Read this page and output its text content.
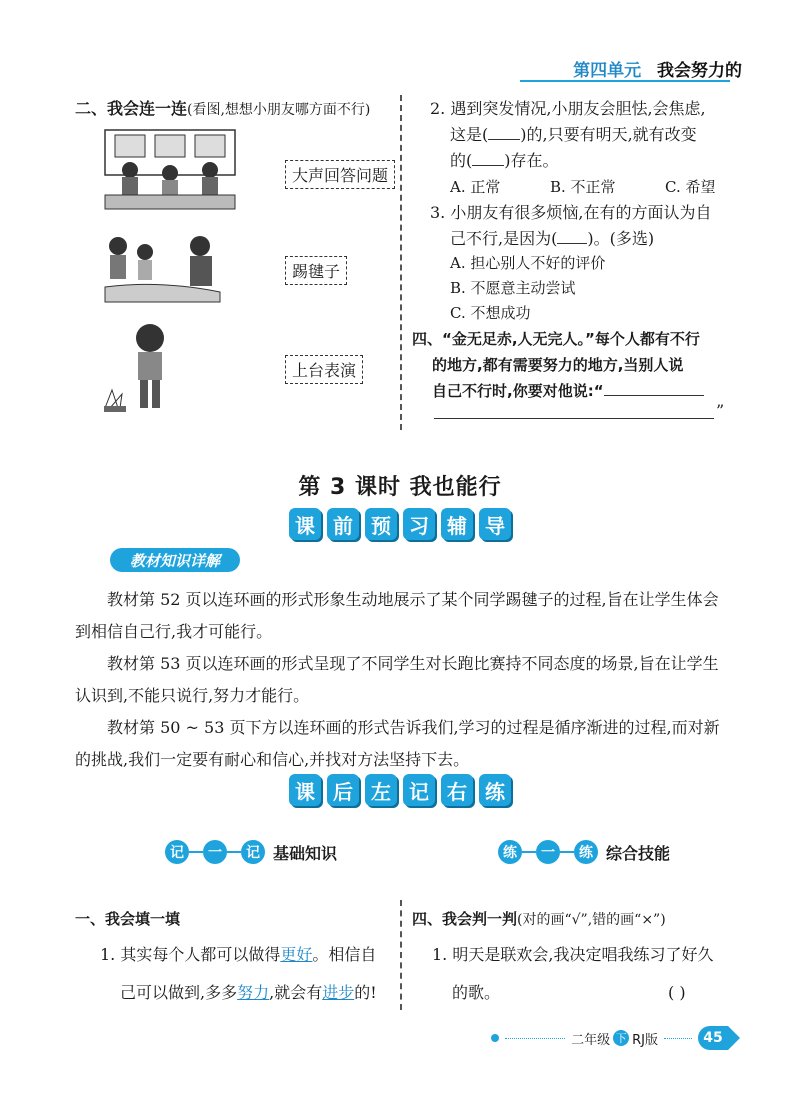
第四单元 我会努力的
二、我会连一连(看图,想想小朋友哪方面不行)
大声回答问题
踢毽子
上台表演
2. 遇到突发情况,小朋友会胆怯,会焦虑,
这是( )的,只要有明天,就有改变
的( )存在。
A. 正常	B. 不正常	C. 希望
3. 小朋友有很多烦恼,在有的方面认为自
己不行,是因为( )。(多选)
A. 担心别人不好的评价
B. 不愿意主动尝试
C. 不想成功
四、“金无足赤,人无完人。”每个人都有不行
的地方,都有需要努力的地方,当别人说
自己不行时,你要对他说:“
”
第 3 课时 我也能行
课 前 预 习 辅 导
教材知识详解
教材第 52 页以连环画的形式形象生动地展示了某个同学踢毽子的过程,旨在让学生体会到相信自己行,我才可能行。
教材第 53 页以连环画的形式呈现了不同学生对长跑比赛持不同态度的场景,旨在让学生认识到,不能只说行,努力才能行。
教材第 50 ~ 53 页下方以连环画的形式告诉我们,学习的过程是循序渐进的过程,而对新的挑战,我们一定要有耐心和信心,并找对方法坚持下去。
课 后 左 记 右 练
记	一	记 基础知识	练	一	练 综合技能
一、我会填一填
1. 其实每个人都可以做得更好。相信自
己可以做到,多多努力,就会有进步的!
四、我会判一判(对的画“√”,错的画“×”)
1. 明天是联欢会,我决定唱我练习了好久
的歌。	( )
二年级 下 RJ版	45
